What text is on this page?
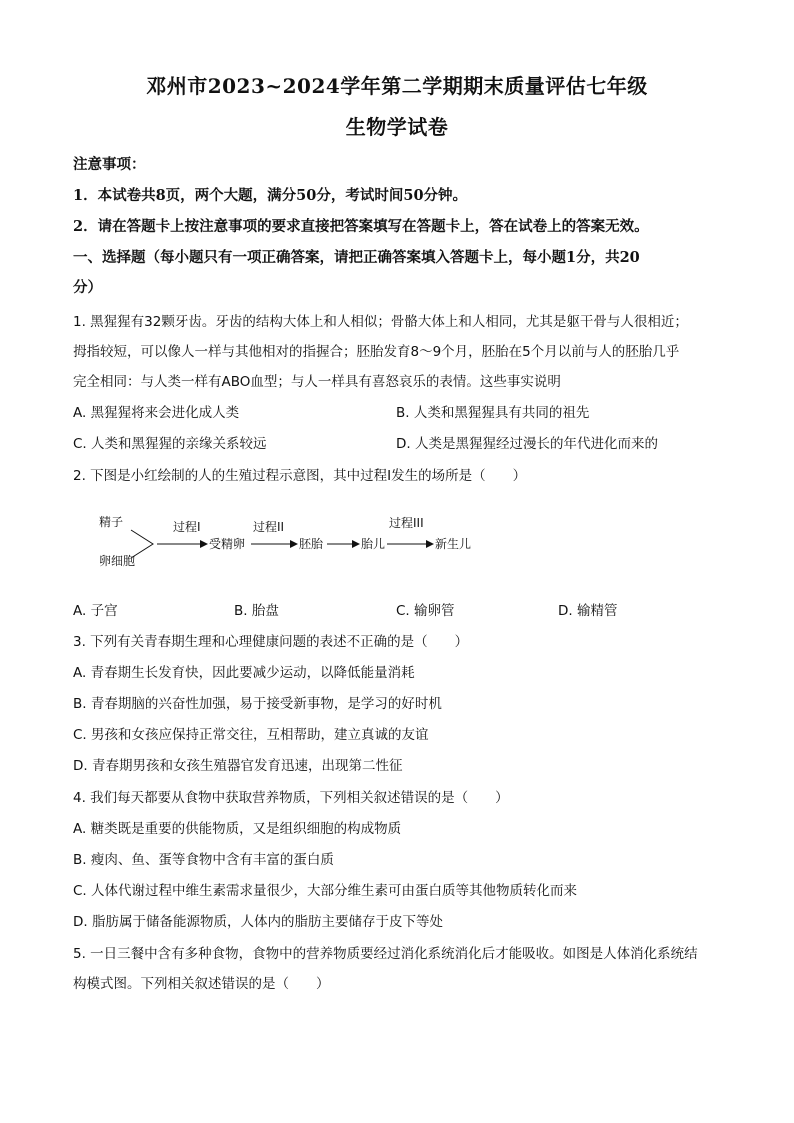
邓州市2023~2024学年第二学期期末质量评估七年级
生物学试卷
注意事项：
1．本试卷共8页，两个大题，满分50分，考试时间50分钟。
2．请在答题卡上按注意事项的要求直接把答案填写在答题卡上，答在试卷上的答案无效。
一、选择题（每小题只有一项正确答案，请把正确答案填入答题卡上，每小题1分，共20
分）
1. 黑猩猩有32颗牙齿。牙齿的结构大体上和人相似；骨骼大体上和人相同，尤其是躯干骨与人很相近；
拇指较短，可以像人一样与其他相对的指握合；胚胎发育8～9个月，胚胎在5个月以前与人的胚胎几乎
完全相同：与人类一样有ABO血型；与人一样具有喜怒哀乐的表情。这些事实说明
A. 黑猩猩将来会进化成人类	B. 人类和黑猩猩具有共同的祖先
C. 人类和黑猩猩的亲缘关系较远	D. 人类是黑猩猩经过漫长的年代进化而来的
2. 下图是小红绘制的人的生殖过程示意图，其中过程I发生的场所是（　　）
精子
卵细胞
过程I
受精卵
过程II
胚胎	胎儿
过程III
新生儿
A. 子宫	B. 胎盘	C. 输卵管	D. 输精管
3. 下列有关青春期生理和心理健康问题的表述不正确的是（　　）
A. 青春期生长发育快，因此要减少运动，以降低能量消耗
B. 青春期脑的兴奋性加强，易于接受新事物，是学习的好时机
C. 男孩和女孩应保持正常交往，互相帮助，建立真诚的友谊
D. 青春期男孩和女孩生殖器官发育迅速，出现第二性征
4. 我们每天都要从食物中获取营养物质，下列相关叙述错误的是（　　）
A. 糖类既是重要的供能物质，又是组织细胞的构成物质
B. 瘦肉、鱼、蛋等食物中含有丰富的蛋白质
C. 人体代谢过程中维生素需求量很少，大部分维生素可由蛋白质等其他物质转化而来
D. 脂肪属于储备能源物质，人体内的脂肪主要储存于皮下等处
5. 一日三餐中含有多种食物，食物中的营养物质要经过消化系统消化后才能吸收。如图是人体消化系统结
构模式图。下列相关叙述错误的是（　　）
